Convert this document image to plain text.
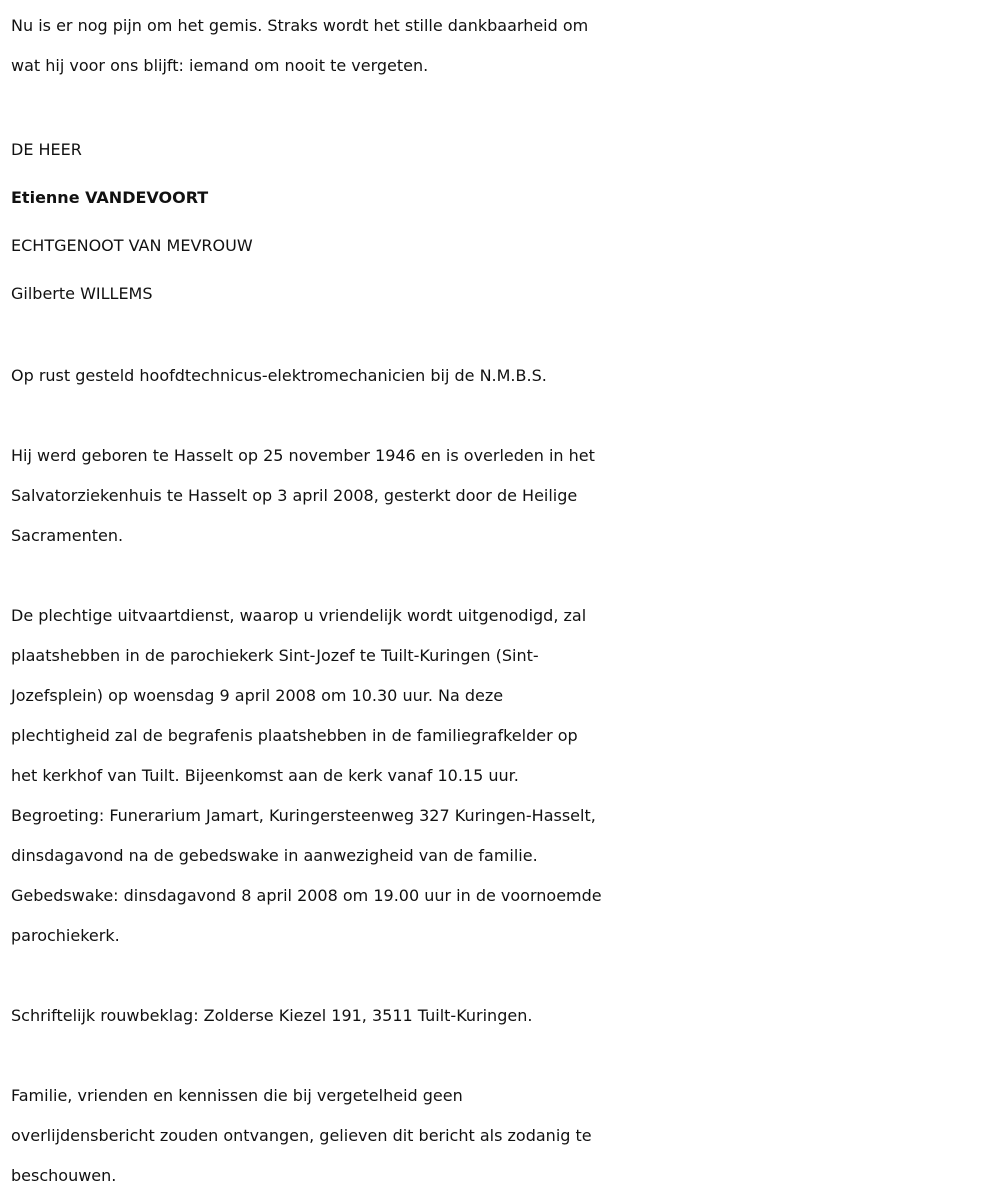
Nu is er nog pijn om het gemis. Straks wordt het stille dankbaarheid om
wat hij voor ons blijft: iemand om nooit te vergeten.
DE HEER
Etienne VANDEVOORT
ECHTGENOOT VAN MEVROUW
Gilberte WILLEMS
Op rust gesteld hoofdtechnicus-elektromechanicien bij de N.M.B.S.
Hij werd geboren te Hasselt op 25 november 1946 en is overleden in het
Salvatorziekenhuis te Hasselt op 3 april 2008, gesterkt door de Heilige
Sacramenten.
De plechtige uitvaartdienst, waarop u vriendelijk wordt uitgenodigd, zal
plaatshebben in de parochiekerk Sint-Jozef te Tuilt-Kuringen (Sint-
Jozefsplein) op woensdag 9 april 2008 om 10.30 uur. Na deze
plechtigheid zal de begrafenis plaatshebben in de familiegrafkelder op
het kerkhof van Tuilt. Bijeenkomst aan de kerk vanaf 10.15 uur.
Begroeting: Funerarium Jamart, Kuringersteenweg 327 Kuringen-Hasselt,
dinsdagavond na de gebedswake in aanwezigheid van de familie.
Gebedswake: dinsdagavond 8 april 2008 om 19.00 uur in de voornoemde
parochiekerk.
Schriftelijk rouwbeklag: Zolderse Kiezel 191, 3511 Tuilt-Kuringen.
Familie, vrienden en kennissen die bij vergetelheid geen
overlijdensbericht zouden ontvangen, gelieven dit bericht als zodanig te
beschouwen.
